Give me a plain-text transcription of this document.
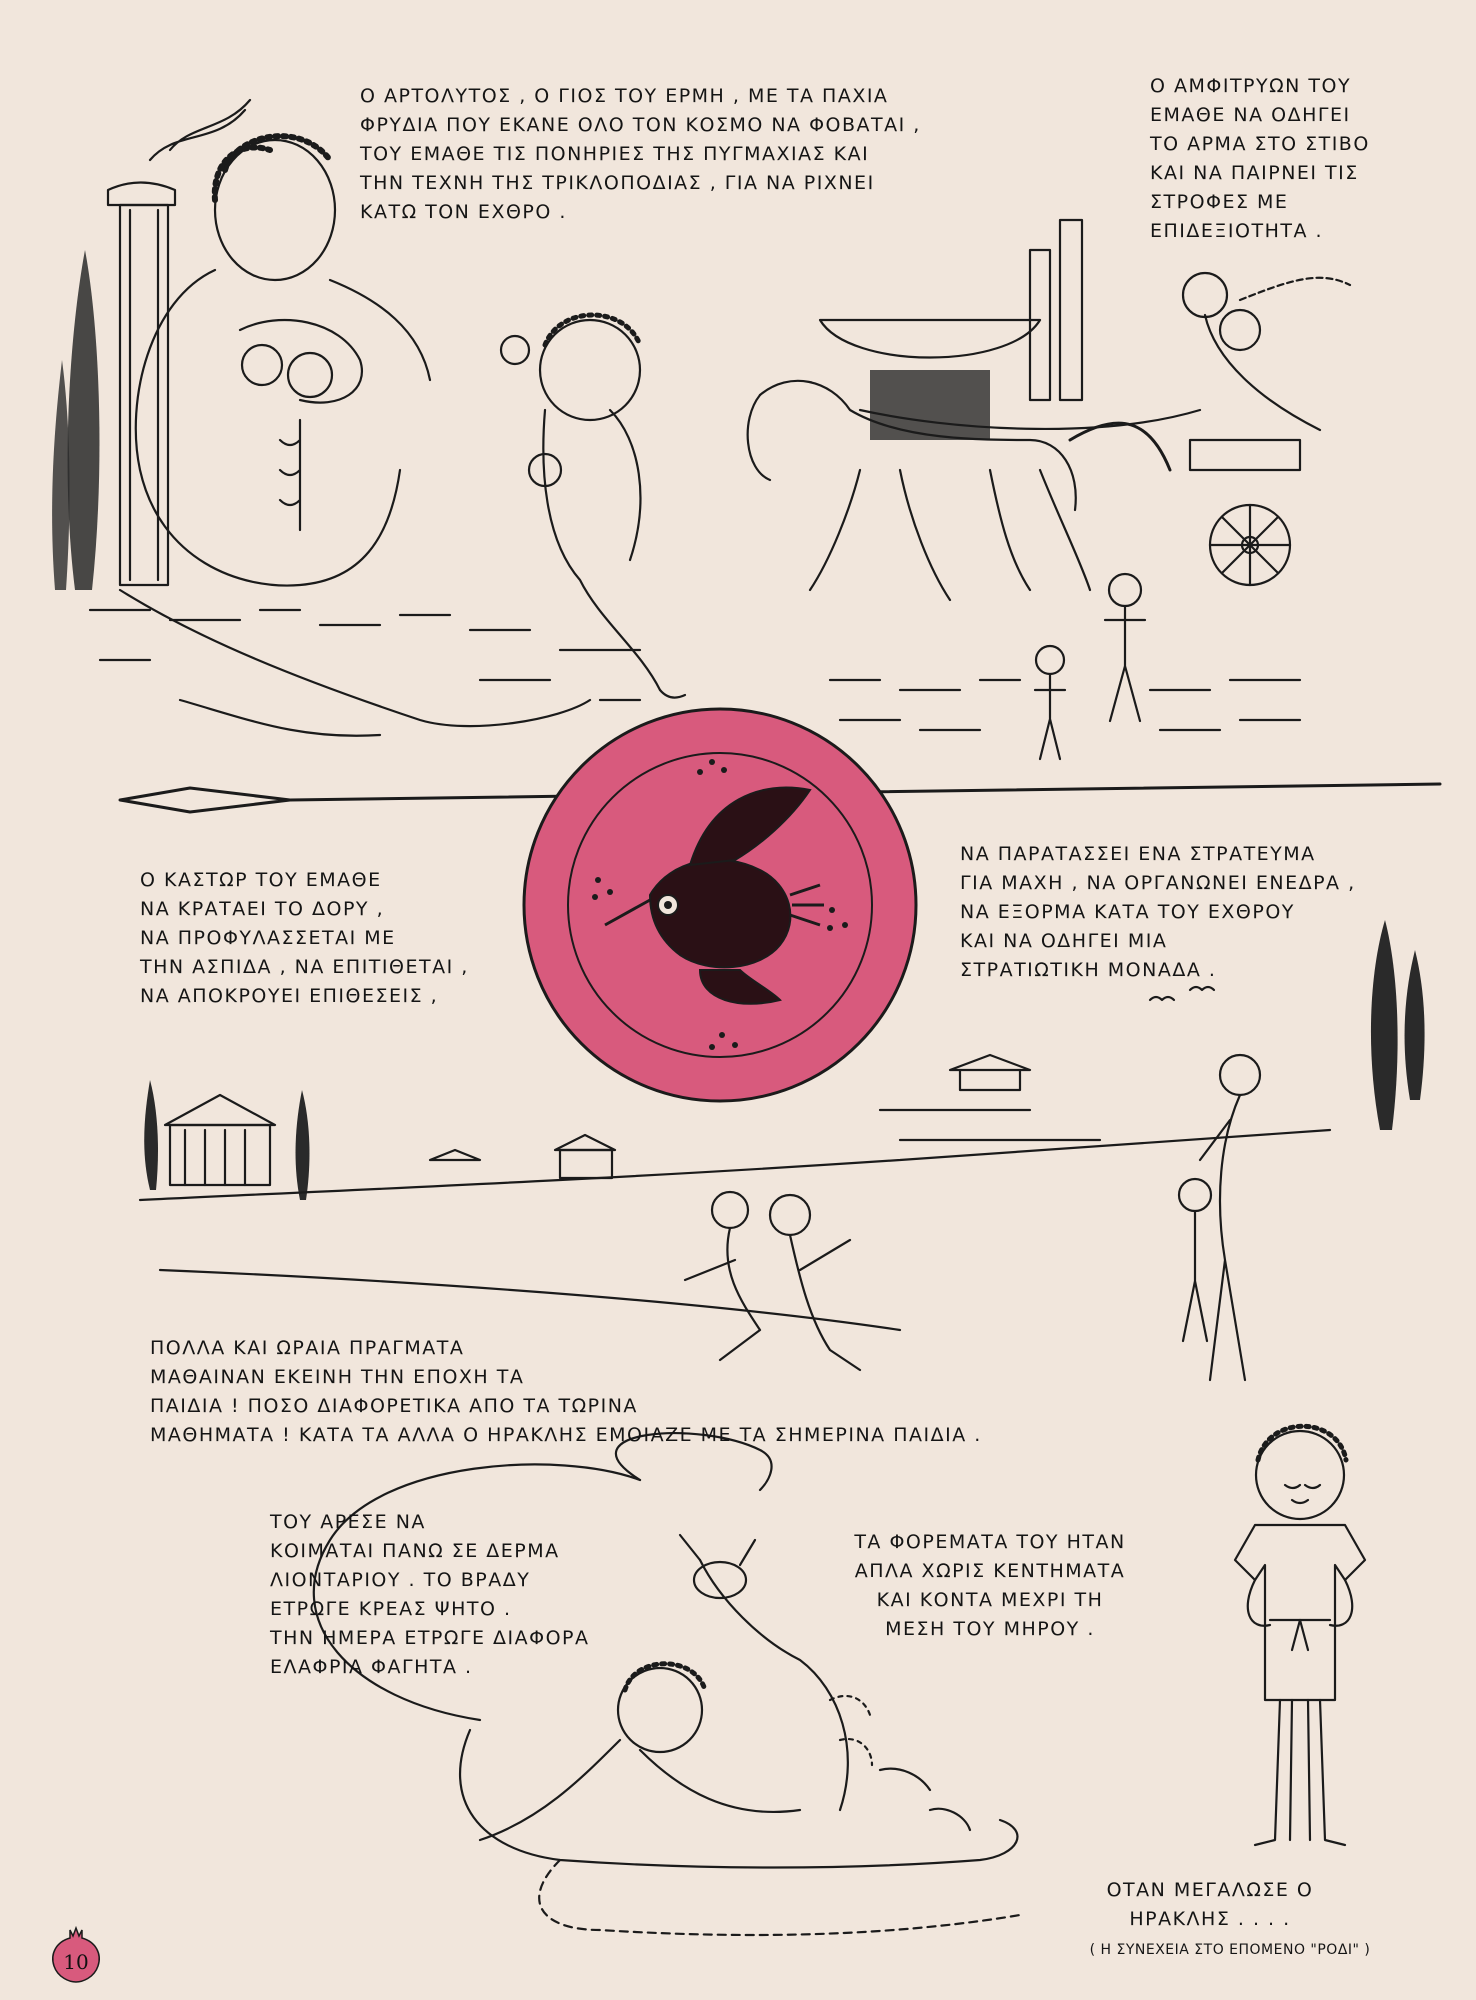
Ο ΑΡΤΟΛΥΤΟΣ , Ο ΓΙΟΣ ΤΟΥ ΕΡΜΗ , ΜΕ ΤΑ ΠΑΧΙΑ
ΦΡΥΔΙΑ ΠΟΥ ΕΚΑΝΕ ΟΛΟ ΤΟΝ ΚΟΣΜΟ ΝΑ ΦΟΒΑΤΑΙ ,
ΤΟΥ ΕΜΑΘΕ ΤΙΣ ΠΟΝΗΡΙΕΣ ΤΗΣ ΠΥΓΜΑΧΙΑΣ ΚΑΙ
ΤΗΝ ΤΕΧΝΗ ΤΗΣ ΤΡΙΚΛΟΠΟΔΙΑΣ , ΓΙΑ ΝΑ ΡΙΧΝΕΙ
ΚΑΤΩ ΤΟΝ ΕΧΘΡΟ .
Ο ΑΜΦΙΤΡΥΩΝ ΤΟΥ
ΕΜΑΘΕ ΝΑ ΟΔΗΓΕΙ
ΤΟ ΑΡΜΑ ΣΤΟ ΣΤΙΒΟ
ΚΑΙ ΝΑ ΠΑΙΡΝΕΙ ΤΙΣ
ΣΤΡΟΦΕΣ ΜΕ
ΕΠΙΔΕΞΙΟΤΗΤΑ .
Ο ΚΑΣΤΩΡ ΤΟΥ ΕΜΑΘΕ
ΝΑ ΚΡΑΤΑΕΙ ΤΟ ΔΟΡΥ ,
ΝΑ ΠΡΟΦΥΛΑΣΣΕΤΑΙ ΜΕ
ΤΗΝ ΑΣΠΙΔΑ , ΝΑ ΕΠΙΤΙΘΕΤΑΙ ,
ΝΑ ΑΠΟΚΡΟΥΕΙ ΕΠΙΘΕΣΕΙΣ ,
ΝΑ ΠΑΡΑΤΑΣΣΕΙ ΕΝΑ ΣΤΡΑΤΕΥΜΑ
ΓΙΑ ΜΑΧΗ , ΝΑ ΟΡΓΑΝΩΝΕΙ ΕΝΕΔΡΑ ,
ΝΑ ΕΞΟΡΜΑ ΚΑΤΑ ΤΟΥ ΕΧΘΡΟΥ
ΚΑΙ ΝΑ ΟΔΗΓΕΙ ΜΙΑ
ΣΤΡΑΤΙΩΤΙΚΗ ΜΟΝΑΔΑ .
ΠΟΛΛΑ ΚΑΙ ΩΡΑΙΑ ΠΡΑΓΜΑΤΑ
ΜΑΘΑΙΝΑΝ ΕΚΕΙΝΗ ΤΗΝ ΕΠΟΧΗ ΤΑ
ΠΑΙΔΙΑ ! ΠΟΣΟ ΔΙΑΦΟΡΕΤΙΚΑ ΑΠΟ ΤΑ ΤΩΡΙΝΑ
ΜΑΘΗΜΑΤΑ ! ΚΑΤΑ ΤΑ ΑΛΛΑ Ο ΗΡΑΚΛΗΣ ΕΜΟΙΑΖΕ ΜΕ ΤΑ ΣΗΜΕΡΙΝΑ ΠΑΙΔΙΑ .
ΤΟΥ ΑΡΕΣΕ ΝΑ
ΚΟΙΜΑΤΑΙ ΠΑΝΩ ΣΕ ΔΕΡΜΑ
ΛΙΟΝΤΑΡΙΟΥ . ΤΟ ΒΡΑΔΥ
ΕΤΡΩΓΕ ΚΡΕΑΣ ΨΗΤΟ .
ΤΗΝ ΗΜΕΡΑ ΕΤΡΩΓΕ ΔΙΑΦΟΡΑ
ΕΛΑΦΡΙΑ ΦΑΓΗΤΑ .
ΤΑ ΦΟΡΕΜΑΤΑ ΤΟΥ ΗΤΑΝ
ΑΠΛΑ ΧΩΡΙΣ ΚΕΝΤΗΜΑΤΑ
ΚΑΙ ΚΟΝΤΑ ΜΕΧΡΙ ΤΗ
ΜΕΣΗ ΤΟΥ ΜΗΡΟΥ .
ΟΤΑΝ ΜΕΓΑΛΩΣΕ Ο
ΗΡΑΚΛΗΣ . . . .
( Η ΣΥΝΕΧΕΙΑ ΣΤΟ ΕΠΟΜΕΝΟ "ΡΟΔΙ" )
10
